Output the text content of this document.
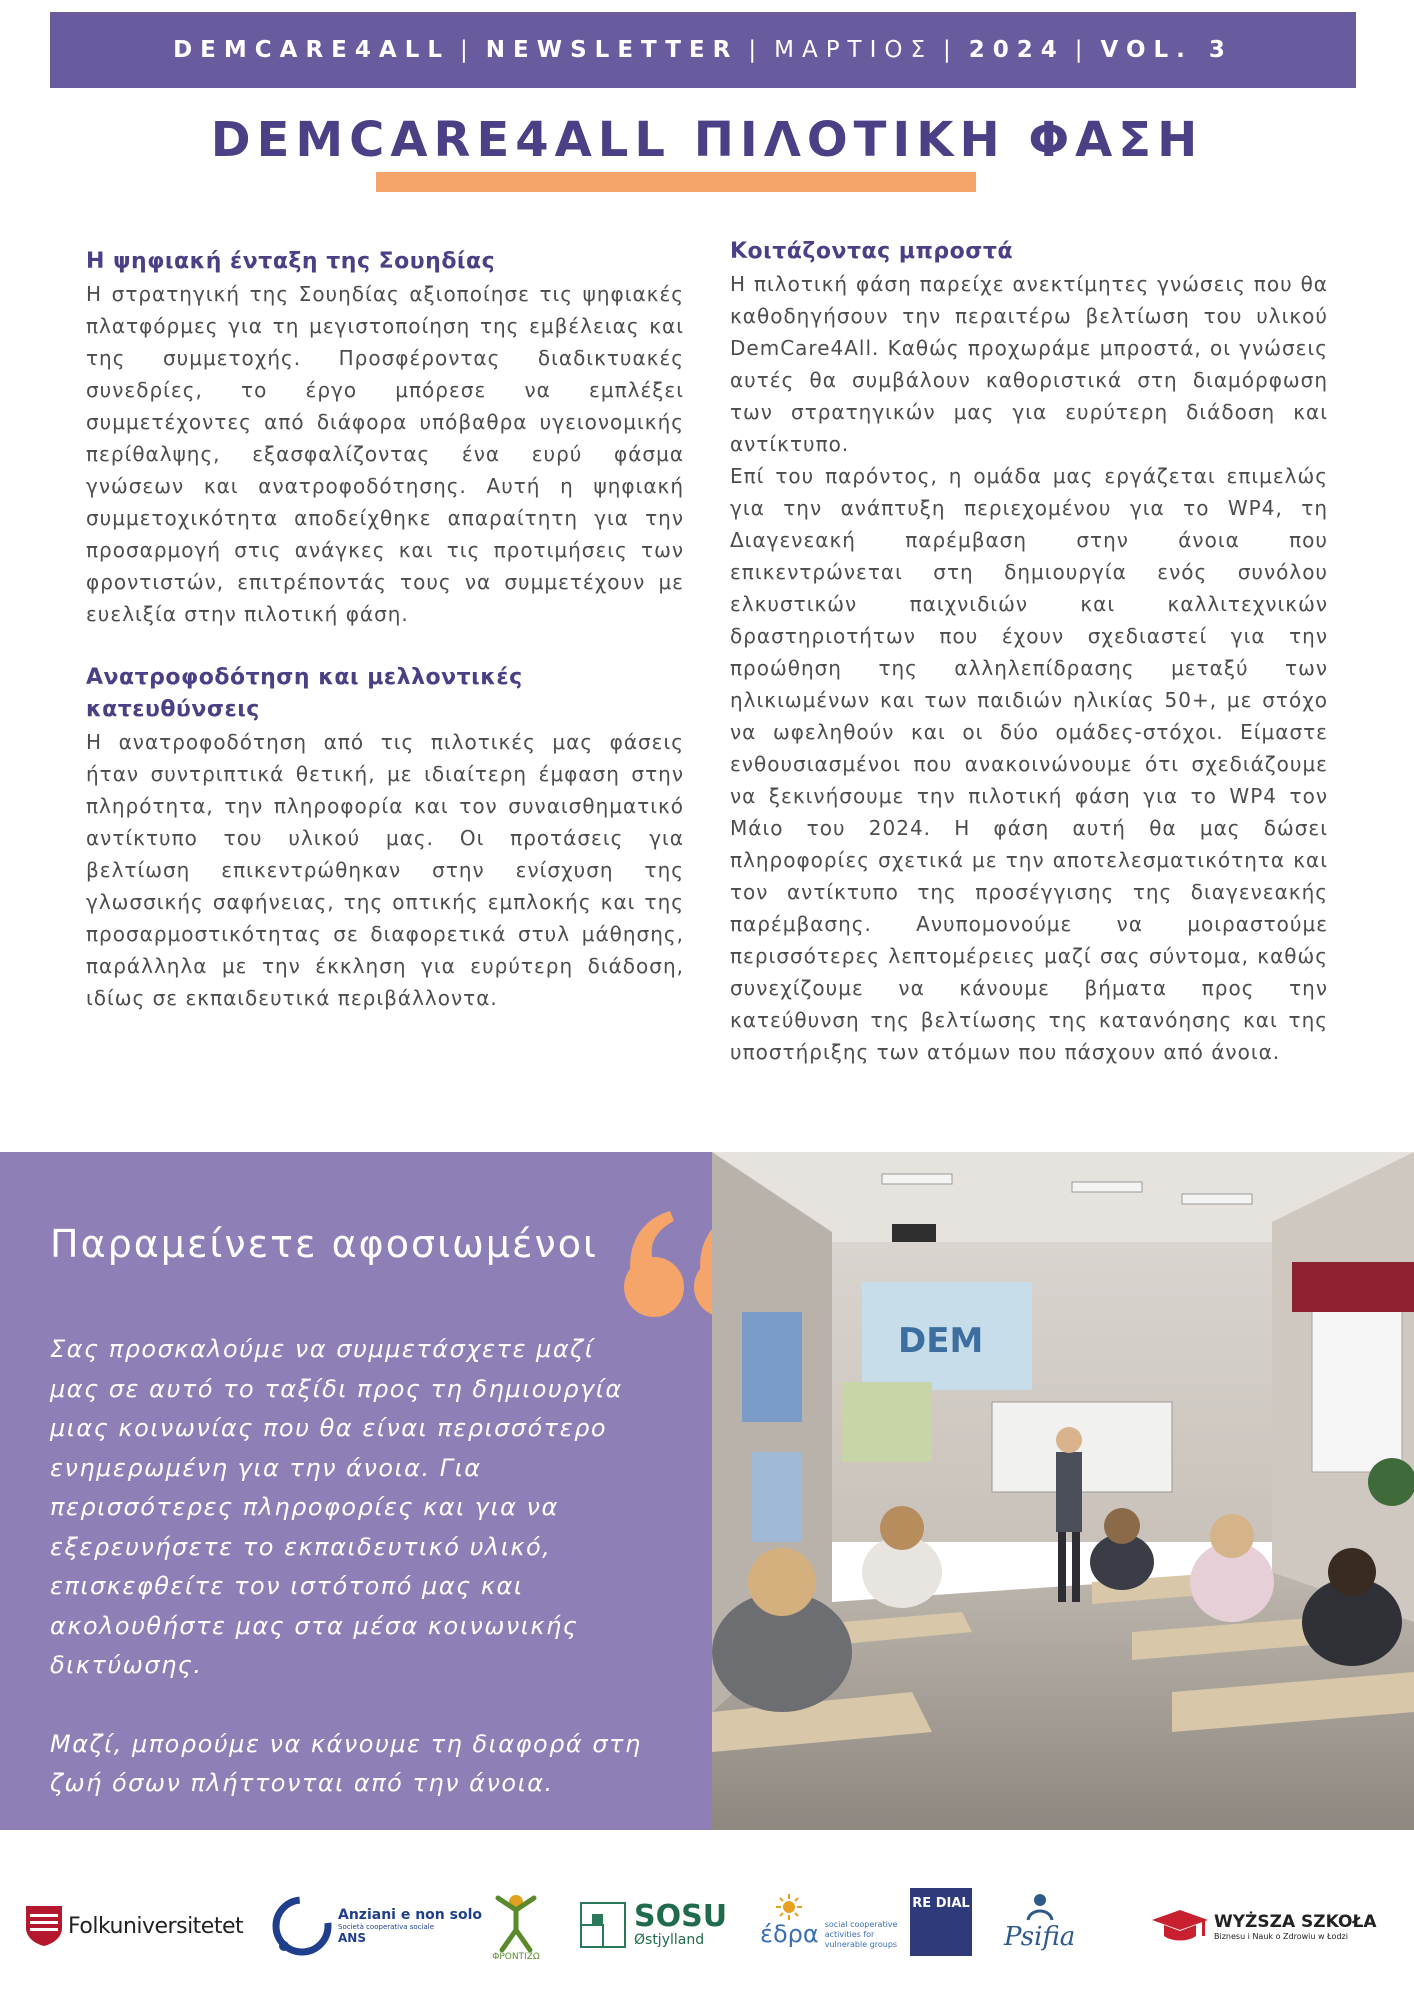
DEMCARE4ALL | NEWSLETTER | ΜΑΡΤΙΟΣ | 2024 | VOL. 3
DEMCARE4ALL ΠΙΛΟΤΙΚΗ ΦΑΣΗ
Η ψηφιακή ένταξη της Σουηδίας

Η στρατηγική της Σουηδίας αξιοποίησε τις ψηφιακές πλατφόρμες για τη μεγιστοποίηση της εμβέλειας και της συμμετοχής. Προσφέροντας διαδικτυακές συνεδρίες, το έργο μπόρεσε να εμπλέξει συμμετέχοντες από διάφορα υπόβαθρα υγειονομικής περίθαλψης, εξασφαλίζοντας ένα ευρύ φάσμα γνώσεων και ανατροφοδότησης. Αυτή η ψηφιακή συμμετοχικότητα αποδείχθηκε απαραίτητη για την προσαρμογή στις ανάγκες και τις προτιμήσεις των φροντιστών, επιτρέποντάς τους να συμμετέχουν με ευελιξία στην πιλοτική φάση.

Ανατροφοδότηση και μελλοντικές κατευθύνσεις

Η ανατροφοδότηση από τις πιλοτικές μας φάσεις ήταν συντριπτικά θετική, με ιδιαίτερη έμφαση στην πληρότητα, την πληροφορία και τον συναισθηματικό αντίκτυπο του υλικού μας. Οι προτάσεις για βελτίωση επικεντρώθηκαν στην ενίσχυση της γλωσσικής σαφήνειας, της οπτικής εμπλοκής και της προσαρμοστικότητας σε διαφορετικά στυλ μάθησης, παράλληλα με την έκκληση για ευρύτερη διάδοση, ιδίως σε εκπαιδευτικά περιβάλλοντα.

Κοιτάζοντας μπροστά

Η πιλοτική φάση παρείχε ανεκτίμητες γνώσεις που θα καθοδηγήσουν την περαιτέρω βελτίωση του υλικού DemCare4All. Καθώς προχωράμε μπροστά, οι γνώσεις αυτές θα συμβάλουν καθοριστικά στη διαμόρφωση των στρατηγικών μας για ευρύτερη διάδοση και αντίκτυπο.

Επί του παρόντος, η ομάδα μας εργάζεται επιμελώς για την ανάπτυξη περιεχομένου για το WP4, τη Διαγενεακή παρέμβαση στην άνοια που επικεντρώνεται στη δημιουργία ενός συνόλου ελκυστικών παιχνιδιών και καλλιτεχνικών δραστηριοτήτων που έχουν σχεδιαστεί για την προώθηση της αλληλεπίδρασης μεταξύ των ηλικιωμένων και των παιδιών ηλικίας 50+, με στόχο να ωφεληθούν και οι δύο ομάδες-στόχοι. Είμαστε ενθουσιασμένοι που ανακοινώνουμε ότι σχεδιάζουμε να ξεκινήσουμε την πιλοτική φάση για το WP4 τον Μάιο του 2024. Η φάση αυτή θα μας δώσει πληροφορίες σχετικά με την αποτελεσματικότητα και τον αντίκτυπο της προσέγγισης της διαγενεακής παρέμβασης. Ανυπομονούμε να μοιραστούμε περισσότερες λεπτομέρειες μαζί σας σύντομα, καθώς συνεχίζουμε να κάνουμε βήματα προς την κατεύθυνση της βελτίωσης της κατανόησης και της υποστήριξης των ατόμων που πάσχουν από άνοια.

Παραμείνετε αφοσιωμένοι

Σας προσκαλούμε να συμμετάσχετε μαζί μας σε αυτό το ταξίδι προς τη δημιουργία μιας κοινωνίας που θα είναι περισσότερο ενημερωμένη για την άνοια. Για περισσότερες πληροφορίες και για να εξερευνήσετε το εκπαιδευτικό υλικό, επισκεφθείτε τον ιστότοπό μας και ακολουθήστε μας στα μέσα κοινωνικής δικτύωσης.

Μαζί, μπορούμε να κάνουμε τη διαφορά στη ζωή όσων πλήττονται από την άνοια.

DEM
Folkuniversitetet	Anziani e non solo
Società cooperativa sociale
ANS
ΦΡΟΝΤΙΖΩ
SOSU
Østjylland	έδρα social cooperative
activities for
vulnerable groups
RE DIAL
Psifia
WYŻSZA SZKOŁA
Biznesu i Nauk o Zdrowiu w Łodzi
